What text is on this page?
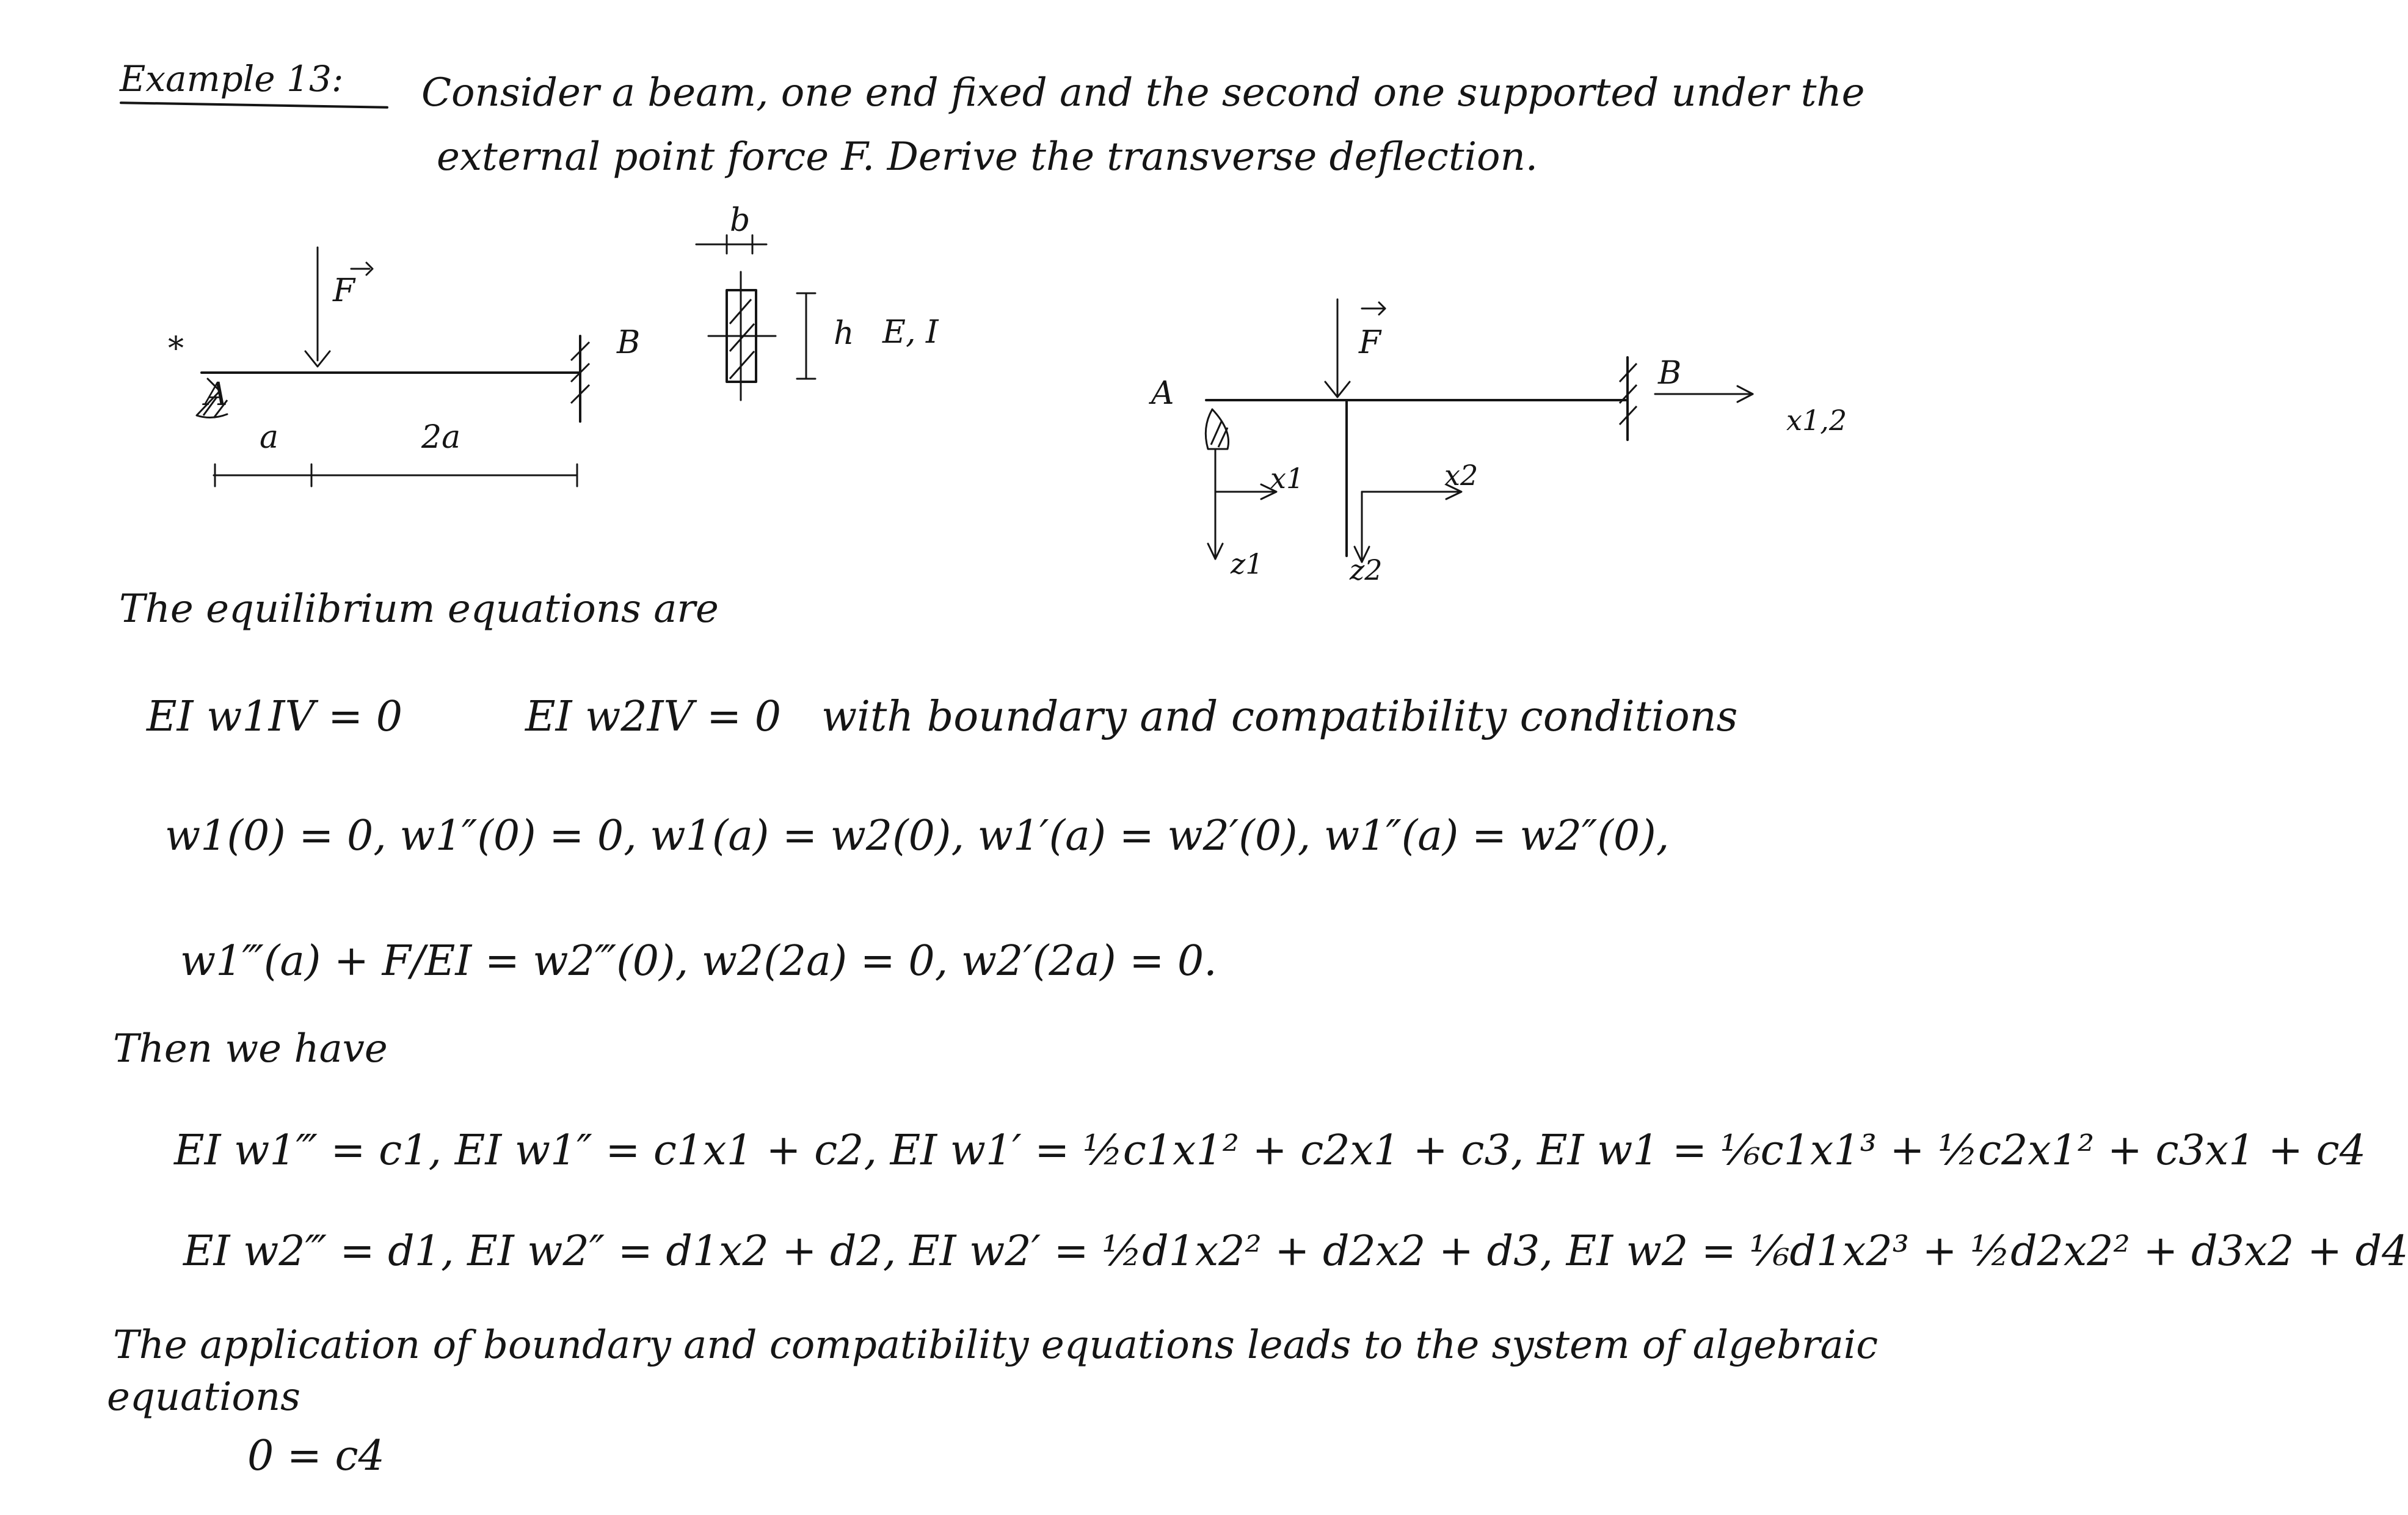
Example 13: Consider a beam, one end fixed and the second one supported under the
external point force F. Derive the transverse deflection.
*
A
F
B
a	2a
b
h E, I
A
F
B
x1,2
x1	x2
z1	z2
The equilibrium equations are
EI w1IV = 0	EI w2IV = 0 with boundary and compatibility conditions
w1(0) = 0, w1″(0) = 0, w1(a) = w2(0), w1′(a) = w2′(0), w1″(a) = w2″(0),
w1‴(a) + F/EI = w2‴(0), w2(2a) = 0, w2′(2a) = 0.
Then we have
EI w1‴ = c1, EI w1″ = c1x1 + c2, EI w1′ = ½c1x1² + c2x1 + c3, EI w1 = ⅙c1x1³ + ½c2x1² + c3x1 + c4
EI w2‴ = d1, EI w2″ = d1x2 + d2, EI w2′ = ½d1x2² + d2x2 + d3, EI w2 = ⅙d1x2³ + ½d2x2² + d3x2 + d4
The application of boundary and compatibility equations leads to the system of algebraic
equations
0 = c4
